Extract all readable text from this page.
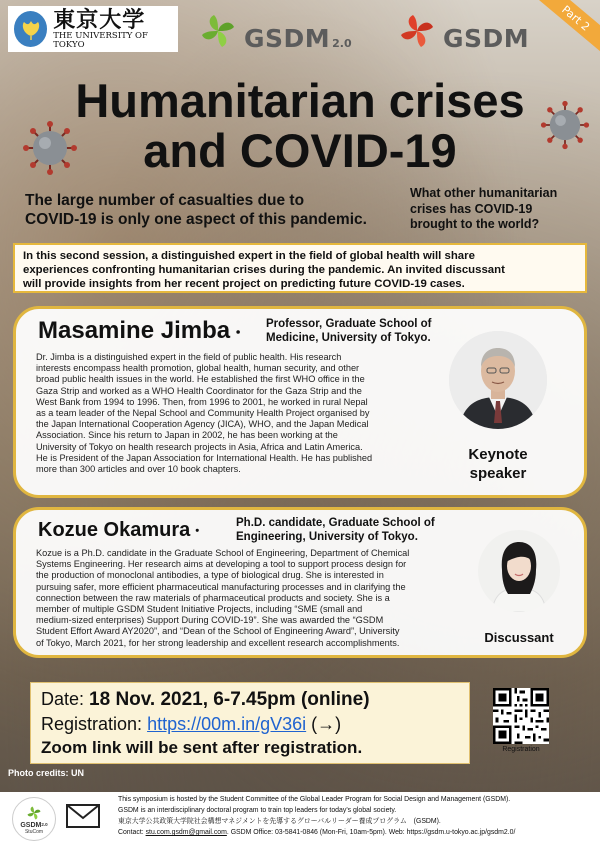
東京大学
THE UNIVERSITY OF TOKYO	GSDM 2.0	GSDM
Part 2
Humanitarian crises
and COVID-19
The large number of casualties due to
COVID-19 is only one aspect of this pandemic.
What other humanitarian
crises has COVID-19
brought to the world?
In this second session, a distinguished expert in the field of global health will share
experiences confronting humanitarian crises during the pandemic. An invited discussant
will provide insights from her recent project on predicting future COVID-19 cases.
Masamine Jimba・
Professor, Graduate School of
Medicine, University of Tokyo.
Dr. Jimba is a distinguished expert in the field of public health. His research
interests encompass health promotion, global health, human security, and other
broad public health issues in the world. He established the first WHO office in the
Gaza Strip and worked as a WHO Health Coordinator for the Gaza Strip and the
West Bank from 1994 to 1996. Then, from 1996 to 2001, he worked in rural Nepal
as a team leader of the Nepal School and Community Health Project organised by
the Japan International Cooperation Agency (JICA), WHO, and the Japan Medical
Association. Since his return to Japan in 2002, he has been working at the
University of Tokyo on health research projects in Asia, Africa and Latin America.
He is President of the Japan Association for International Health. He has published
more than 300 articles and over 10 book chapters.
Keynote
speaker
Kozue Okamura・	Ph.D. candidate, Graduate School of
Engineering, University of Tokyo.
Kozue is a Ph.D. candidate in the Graduate School of Engineering, Department of Chemical
Systems Engineering. Her research aims at developing a tool to support process design for
the production of monoclonal antibodies, a type of biological drug. She is interested in
pursuing safer, more efficient pharmaceutical manufacturing processes and in clarifying the
connection between the raw materials of pharmaceutical products and society. She is a
member of multiple GSDM Student Initiative Projects, including “SME (small and
medium-sized enterprises) Support During COVID-19”. She was awarded the “GSDM
Student Effort Award AY2020”, and “Dean of the School of Engineering Award”, University
of Tokyo, March 2021, for her strong leadership and excellent research accomplishments.	Discussant
Date: 18 Nov. 2021, 6-7.45pm (online)
Registration: https://00m.in/gV36i (→)
Zoom link will be sent after registration.	Registration
Photo credits: UN
GSDM 2.0
StuCom
This symposium is hosted by the Student Committee of the Global Leader Program for Social Design and Management (GSDM).
GSDM is an interdisciplinary doctoral program to train top leaders for today’s global society.
東京大学公共政策大学院社会構想マネジメントを先導するグローバルリーダー養成プログラム　(GSDM).
Contact: stu.com.gsdm@gmail.com. GSDM Office: 03-5841-0846 (Mon-Fri, 10am-5pm). Web: https://gsdm.u-tokyo.ac.jp/gsdm2.0/
